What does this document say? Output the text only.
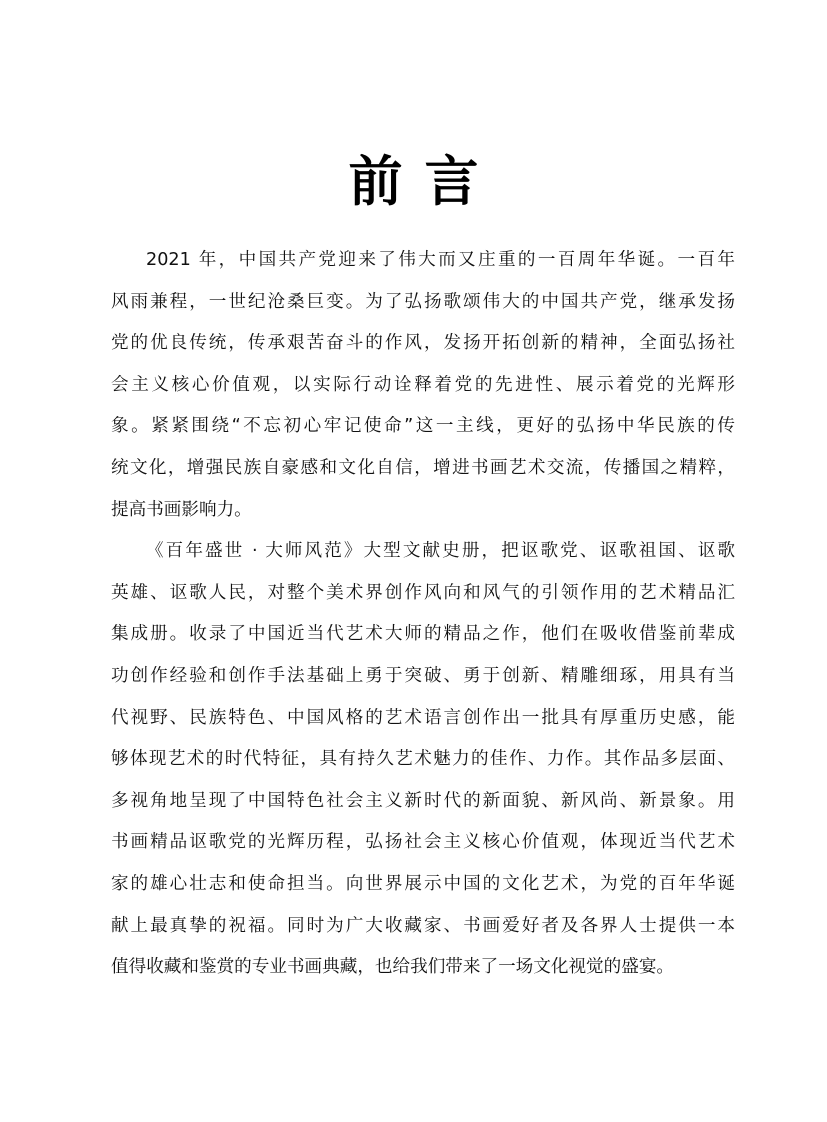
前言
2021 年，中国共产党迎来了伟大而又庄重的一百周年华诞。一百年
风雨兼程，一世纪沧桑巨变。为了弘扬歌颂伟大的中国共产党，继承发扬
党的优良传统，传承艰苦奋斗的作风，发扬开拓创新的精神，全面弘扬社
会主义核心价值观，以实际行动诠释着党的先进性、展示着党的光辉形
象。紧紧围绕“不忘初心牢记使命”这一主线，更好的弘扬中华民族的传
统文化，增强民族自豪感和文化自信，增进书画艺术交流，传播国之精粹，
提高书画影响力。
《百年盛世 · 大师风范》大型文献史册，把讴歌党、讴歌祖国、讴歌
英雄、讴歌人民，对整个美术界创作风向和风气的引领作用的艺术精品汇
集成册。收录了中国近当代艺术大师的精品之作，他们在吸收借鉴前辈成
功创作经验和创作手法基础上勇于突破、勇于创新、精雕细琢，用具有当
代视野、民族特色、中国风格的艺术语言创作出一批具有厚重历史感，能
够体现艺术的时代特征，具有持久艺术魅力的佳作、力作。其作品多层面、
多视角地呈现了中国特色社会主义新时代的新面貌、新风尚、新景象。用
书画精品讴歌党的光辉历程，弘扬社会主义核心价值观，体现近当代艺术
家的雄心壮志和使命担当。向世界展示中国的文化艺术，为党的百年华诞
献上最真挚的祝福。同时为广大收藏家、书画爱好者及各界人士提供一本
值得收藏和鉴赏的专业书画典藏，也给我们带来了一场文化视觉的盛宴。
